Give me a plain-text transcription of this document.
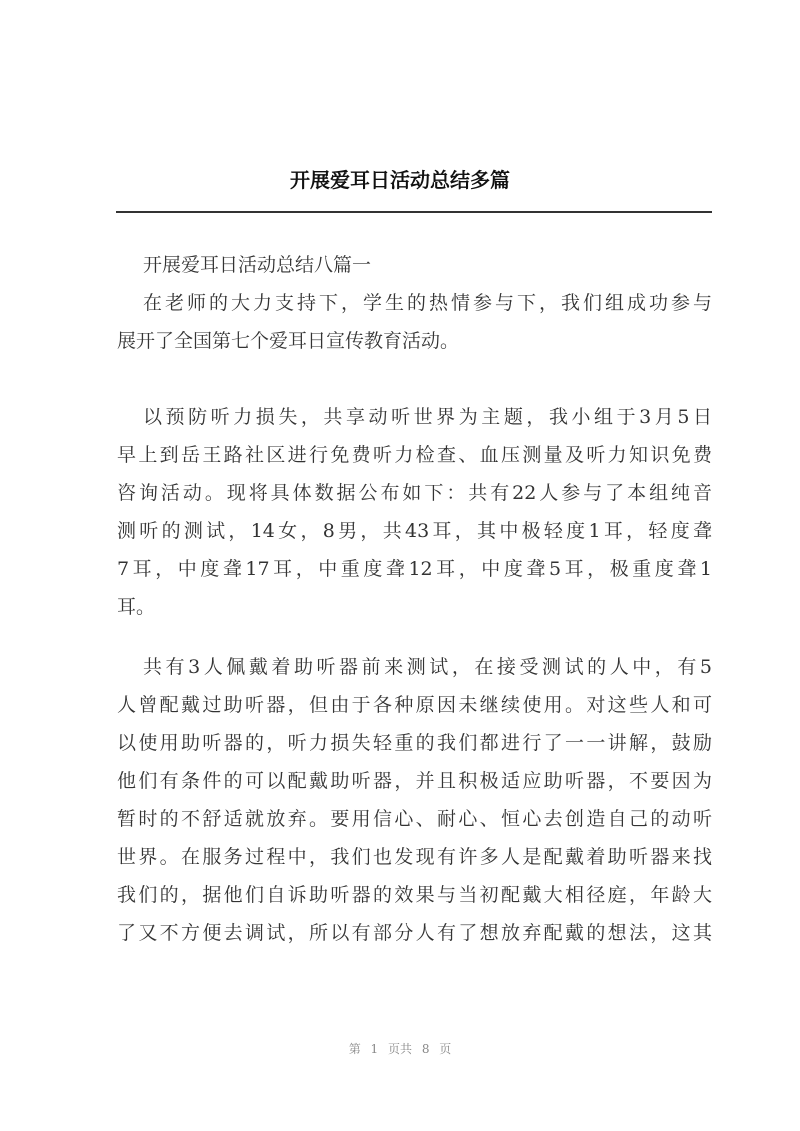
开展爱耳日活动总结多篇
开展爱耳日活动总结八篇一
在老师的大力支持下，学生的热情参与下，我们组成功参与
展开了全国第七个爱耳日宣传教育活动。
以预防听力损失，共享动听世界为主题，我小组于3月5日
早上到岳王路社区进行免费听力检查、血压测量及听力知识免费
咨询活动。现将具体数据公布如下：共有22人参与了本组纯音
测听的测试，14女，8男，共43耳，其中极轻度1耳，轻度聋
7耳，中度聋17耳，中重度聋12耳，中度聋5耳，极重度聋1
耳。
共有3人佩戴着助听器前来测试，在接受测试的人中，有5
人曾配戴过助听器，但由于各种原因未继续使用。对这些人和可
以使用助听器的，听力损失轻重的我们都进行了一一讲解，鼓励
他们有条件的可以配戴助听器，并且积极适应助听器，不要因为
暂时的不舒适就放弃。要用信心、耐心、恒心去创造自己的动听
世界。在服务过程中，我们也发现有许多人是配戴着助听器来找
我们的，据他们自诉助听器的效果与当初配戴大相径庭，年龄大
了又不方便去调试，所以有部分人有了想放弃配戴的想法，这其
第 1 页共 8 页
